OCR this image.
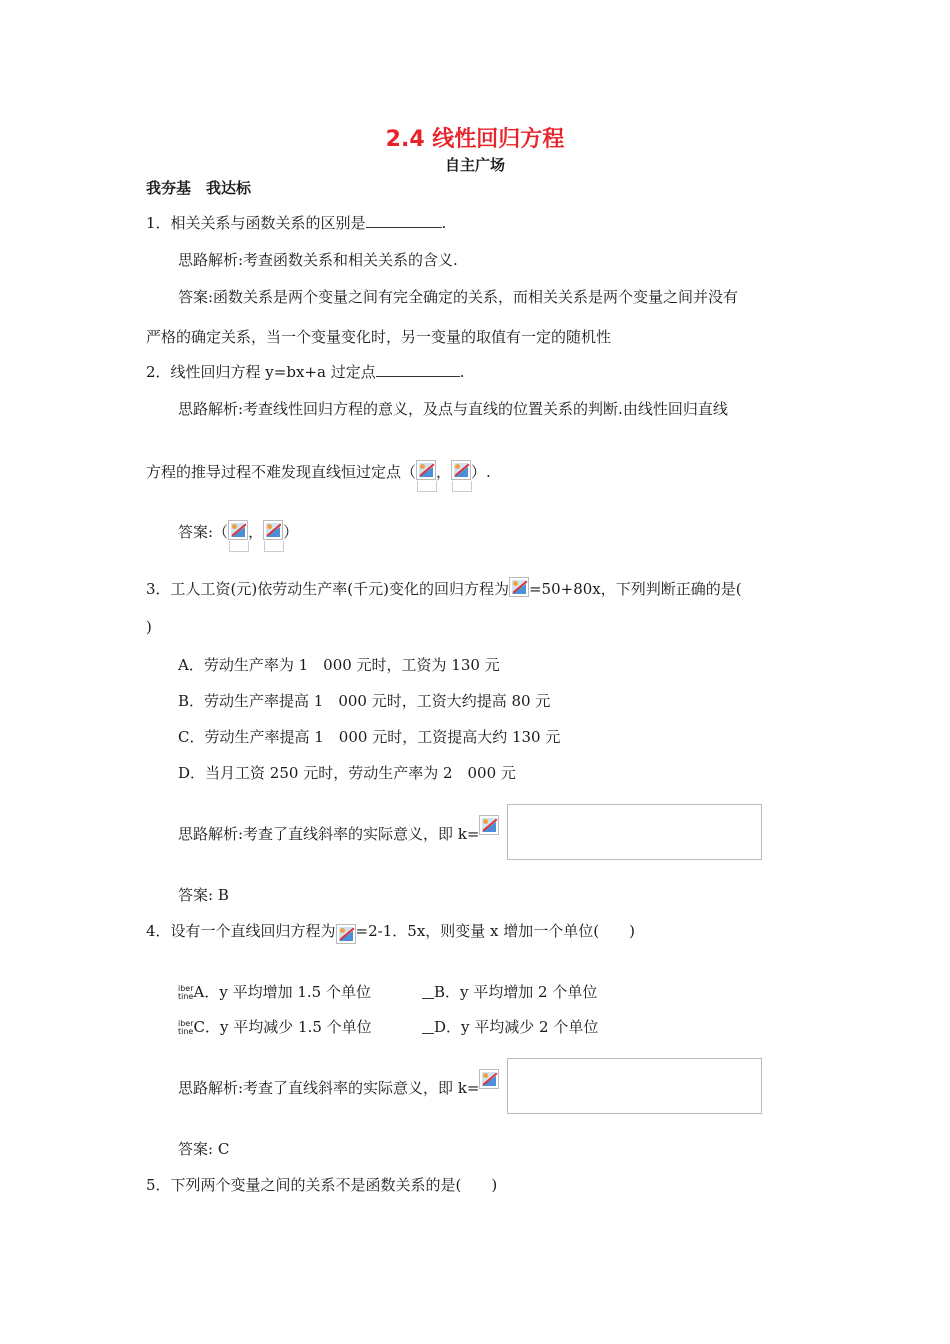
2.4 线性回归方程
自主广场
我夯基　我达标
1．相关关系与函数关系的区别是	.
思路解析:考查函数关系和相关关系的含义.
答案:函数关系是两个变量之间有完全确定的关系，而相关关系是两个变量之间并没有
严格的确定关系，当一个变量变化时，另一变量的取值有一定的随机性
2．线性回归方程 y=bx+a 过定点	.
思路解析:考查线性回归方程的意义，及点与直线的位置关系的判断.由线性回归直线
方程的推导过程不难发现直线恒过定点（ ， ）.
答案:（ ， ）
3．工人工资(元)依劳动生产率(千元)变化的回归方程为 =50+80x，下列判断正确的是(
)
A．劳动生产率为 1　000 元时，工资为 130 元
B．劳动生产率提高 1　000 元时，工资大约提高 80 元
C．劳动生产率提高 1　000 元时，工资提高大约 130 元
D．当月工资 250 元时，劳动生产率为 2　000 元
思路解析:考查了直线斜率的实际意义，即 k=
答案: B
4．设有一个直线回归方程为 =2-1．5x，则变量 x 增加一个单位(　　)
iber
tineA．y 平均增加 1.5 个单位	B．y 平均增加 2 个单位
iber
tineC．y 平均减少 1.5 个单位	D．y 平均减少 2 个单位
思路解析:考查了直线斜率的实际意义，即 k=
答案: C
5．下列两个变量之间的关系不是函数关系的是(　　)
